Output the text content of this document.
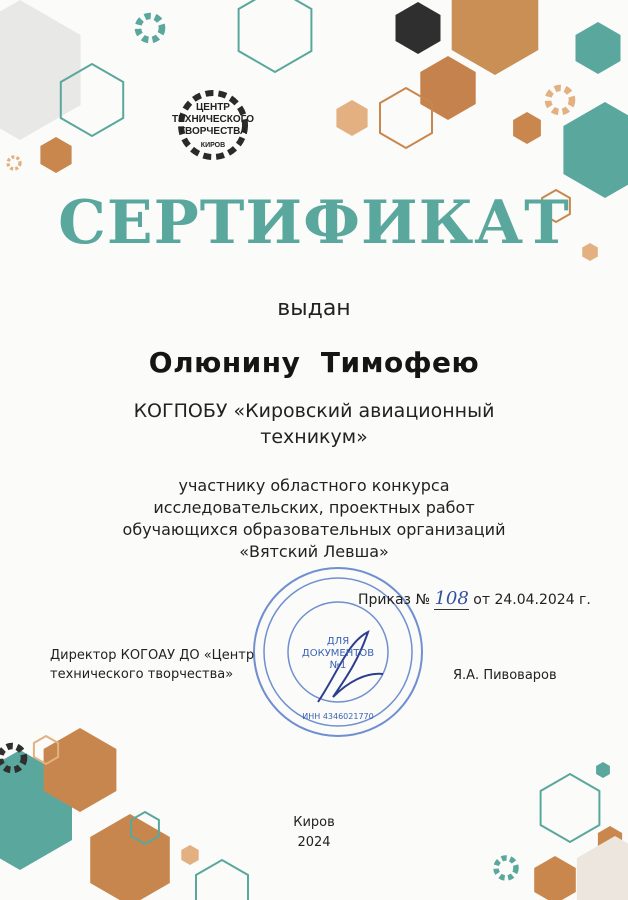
ЦЕНТР
ТЕХНИЧЕСКОГО
ТВОРЧЕСТВА
КИРОВ
СЕРТИФИКАТ
выдан
Олюнину  Тимофею
КОГПОБУ «Кировский авиационный
техникум»
участнику областного конкурса
исследовательских, проектных работ
обучающихся образовательных организаций
«Вятский Левша»
ДЛЯ
ДОКУМЕНТОВ
№1
ИНН 4346021770
Приказ № 108 от 24.04.2024 г.
Директор КОГОАУ ДО «Центр
технического творчества»	Я.А. Пивоваров
Киров
2024
